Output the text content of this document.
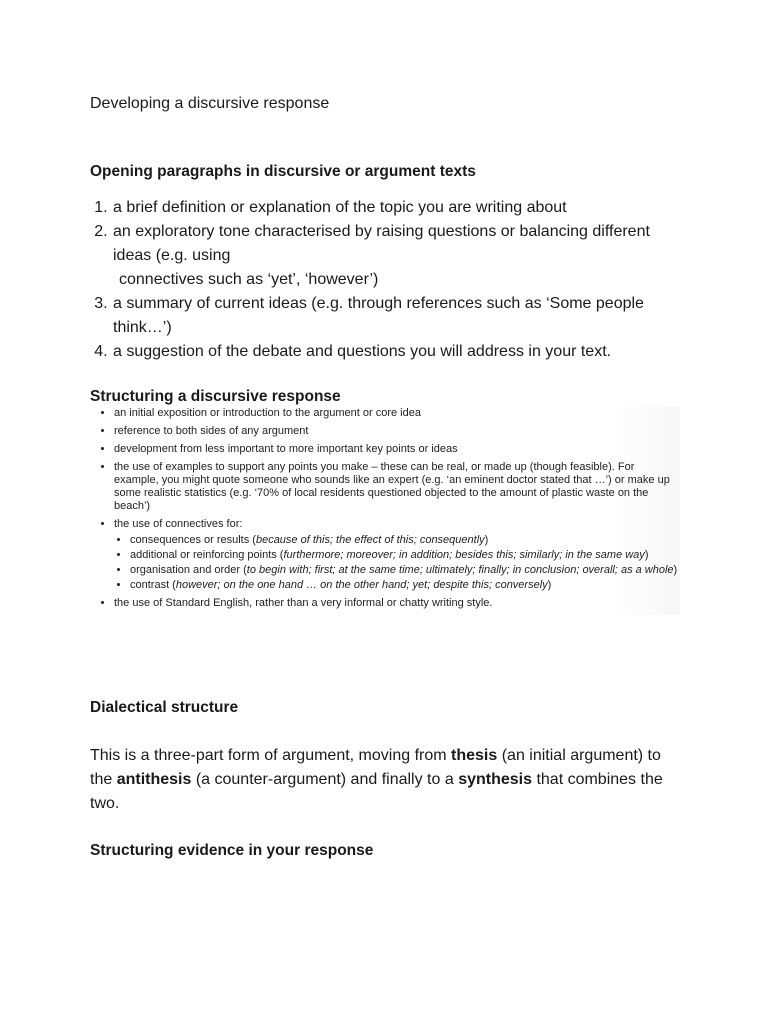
Developing a discursive response
Opening paragraphs in discursive or argument texts
1. a brief definition or explanation of the topic you are writing about
2. an exploratory tone characterised by raising questions or balancing different ideas (e.g. using
connectives such as ‘yet’, ‘however’)
3. a summary of current ideas (e.g. through references such as ‘Some people think…’)
4. a suggestion of the debate and questions you will address in your text.
Structuring a discursive response
• an initial exposition or introduction to the argument or core idea
• reference to both sides of any argument
• development from less important to more important key points or ideas
• the use of examples to support any points you make – these can be real, or made up (though feasible). For example, you might quote someone who sounds like an expert (e.g. ‘an eminent doctor stated that …’) or make up some realistic statistics (e.g. ‘70% of local residents questioned objected to the amount of plastic waste on the beach’)
• the use of connectives for:
• consequences or results (because of this; the effect of this; consequently)
• additional or reinforcing points (furthermore; moreover; in addition; besides this; similarly; in the same way)
• organisation and order (to begin with; first; at the same time; ultimately; finally; in conclusion; overall; as a whole)
• contrast (however; on the one hand … on the other hand; yet; despite this; conversely)
• the use of Standard English, rather than a very informal or chatty writing style.
Dialectical structure

This is a three-part form of argument, moving from thesis (an initial argument) to the antithesis (a counter-argument) and finally to a synthesis that combines the two.

Structuring evidence in your response
